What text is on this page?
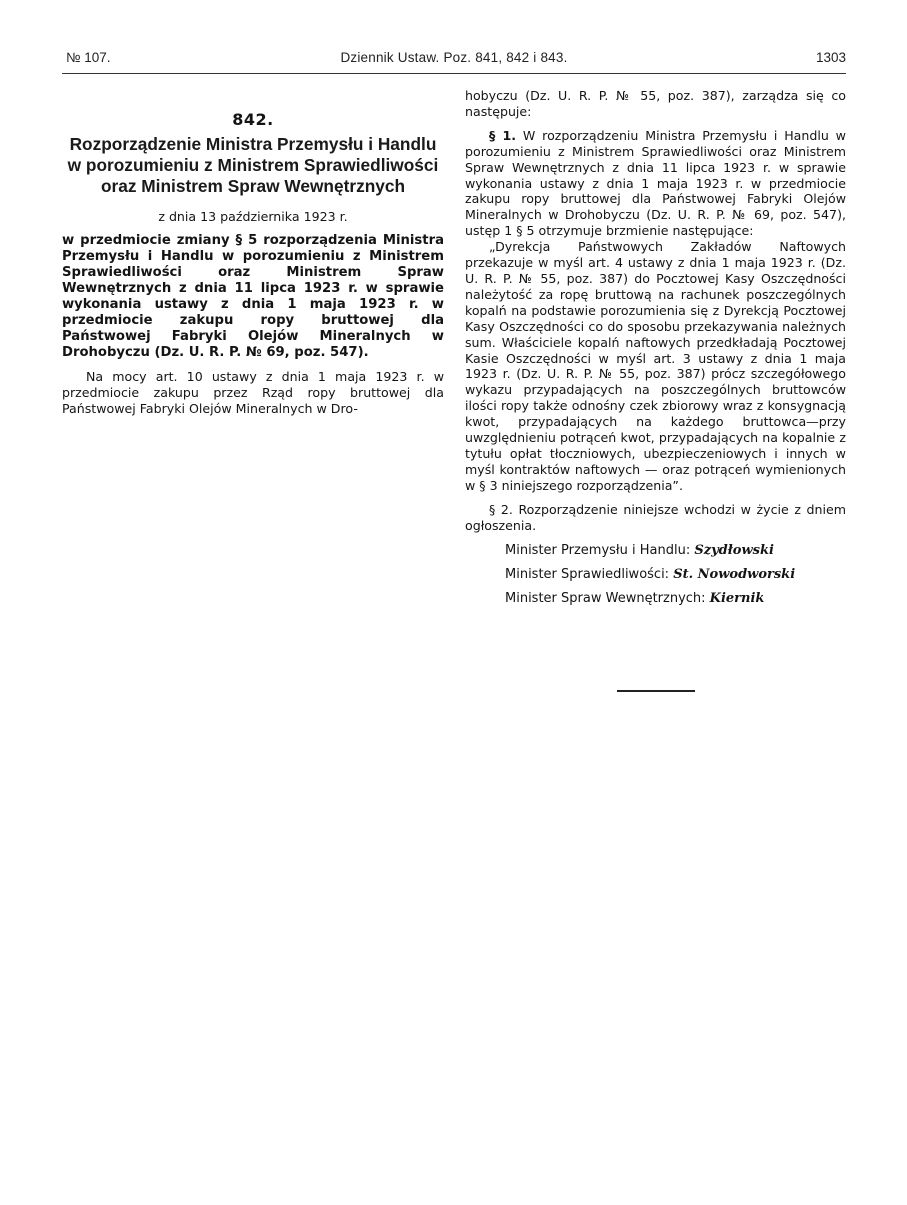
№ 107.	Dziennik Ustaw. Poz. 841, 842 i 843.	1303

842.

Rozporządzenie Ministra Przemysłu i Handlu w porozumieniu z Ministrem Sprawiedliwości oraz Ministrem Spraw Wewnętrznych

z dnia 13 października 1923 r.

w przedmiocie zmiany § 5 rozporządzenia Ministra Przemysłu i Handlu w porozumieniu z Ministrem Sprawiedliwości oraz Ministrem Spraw Wewnętrznych z dnia 11 lipca 1923 r. w sprawie wykonania ustawy z dnia 1 maja 1923 r. w przedmiocie zakupu ropy bruttowej dla Państwowej Fabryki Olejów Mineralnych w Drohobyczu (Dz. U. R. P. № 69, poz. 547).

Na mocy art. 10 ustawy z dnia 1 maja 1923 r. w przedmiocie zakupu przez Rząd ropy bruttowej dla Państwowej Fabryki Olejów Mineralnych w Dro-

hobyczu (Dz. U. R. P. № 55, poz. 387), zarządza się co następuje:

§ 1. W rozporządzeniu Ministra Przemysłu i Handlu w porozumieniu z Ministrem Sprawiedliwości oraz Ministrem Spraw Wewnętrznych z dnia 11 lipca 1923 r. w sprawie wykonania ustawy z dnia 1 maja 1923 r. w przedmiocie zakupu ropy bruttowej dla Państwowej Fabryki Olejów Mineralnych w Drohobyczu (Dz. U. R. P. № 69, poz. 547), ustęp 1 § 5 otrzymuje brzmienie następujące:

„Dyrekcja Państwowych Zakładów Naftowych przekazuje w myśl art. 4 ustawy z dnia 1 maja 1923 r. (Dz. U. R. P. № 55, poz. 387) do Pocztowej Kasy Oszczędności należytość za ropę bruttową na rachunek poszczególnych kopalń na podstawie porozumienia się z Dyrekcją Pocztowej Kasy Oszczędności co do sposobu przekazywania należnych sum. Właściciele kopalń naftowych przedkładają Pocztowej Kasie Oszczędności w myśl art. 3 ustawy z dnia 1 maja 1923 r. (Dz. U. R. P. № 55, poz. 387) prócz szczegółowego wykazu przypadających na poszczególnych bruttowców ilości ropy także odnośny czek zbiorowy wraz z konsygnacją kwot, przypadających na każdego bruttowca—przy uwzględnieniu potrąceń kwot, przypadających na kopalnie z tytułu opłat tłoczniowych, ubezpieczeniowych i innych w myśl kontraktów naftowych — oraz potrąceń wymienionych w § 3 niniejszego rozporządzenia”.

§ 2. Rozporządzenie niniejsze wchodzi w życie z dniem ogłoszenia.

Minister Przemysłu i Handlu: Szydłowski
Minister Sprawiedliwości: St. Nowodworski
Minister Spraw Wewnętrznych: Kiernik
